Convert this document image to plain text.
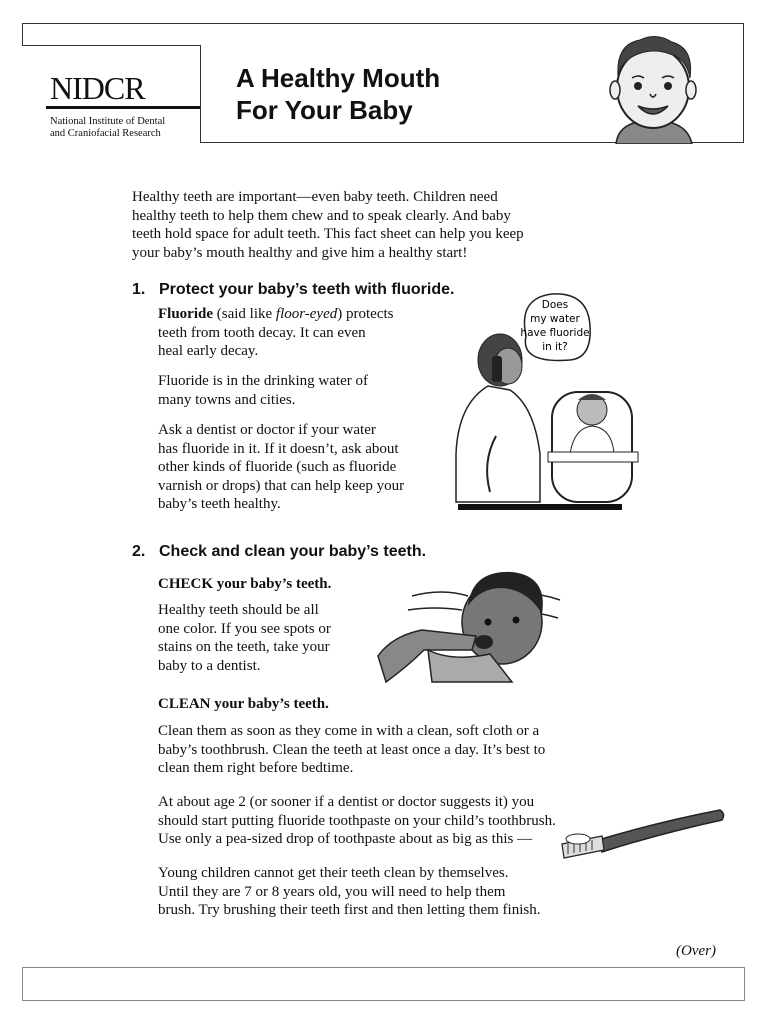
NIDCR
National Institute of Dental
and Craniofacial Research
A Healthy Mouth
For Your Baby
Healthy teeth are important—even baby teeth. Children need
healthy teeth to help them chew and to speak clearly. And baby
teeth hold space for adult teeth. This fact sheet can help you keep
your baby’s mouth healthy and give him a healthy start!
1. Protect your baby’s teeth with fluoride.
Fluoride (said like floor-eyed) protects
teeth from tooth decay. It can even
heal early decay.
Fluoride is in the drinking water of
many towns and cities.
Ask a dentist or doctor if your water
has fluoride in it. If it doesn’t, ask about
other kinds of fluoride (such as fluoride
varnish or drops) that can help keep your
baby’s teeth healthy.
Does
my water
have fluoride
in it?
2. Check and clean your baby’s teeth.
CHECK your baby’s teeth.
Healthy teeth should be all
one color. If you see spots or
stains on the teeth, take your
baby to a dentist.
CLEAN your baby’s teeth.
Clean them as soon as they come in with a clean, soft cloth or a
baby’s toothbrush. Clean the teeth at least once a day. It’s best to
clean them right before bedtime.
At about age 2 (or sooner if a dentist or doctor suggests it) you
should start putting fluoride toothpaste on your child’s toothbrush.
Use only a pea-sized drop of toothpaste about as big as this —
Young children cannot get their teeth clean by themselves.
Until they are 7 or 8 years old, you will need to help them
brush. Try brushing their teeth first and then letting them finish.
(Over)
